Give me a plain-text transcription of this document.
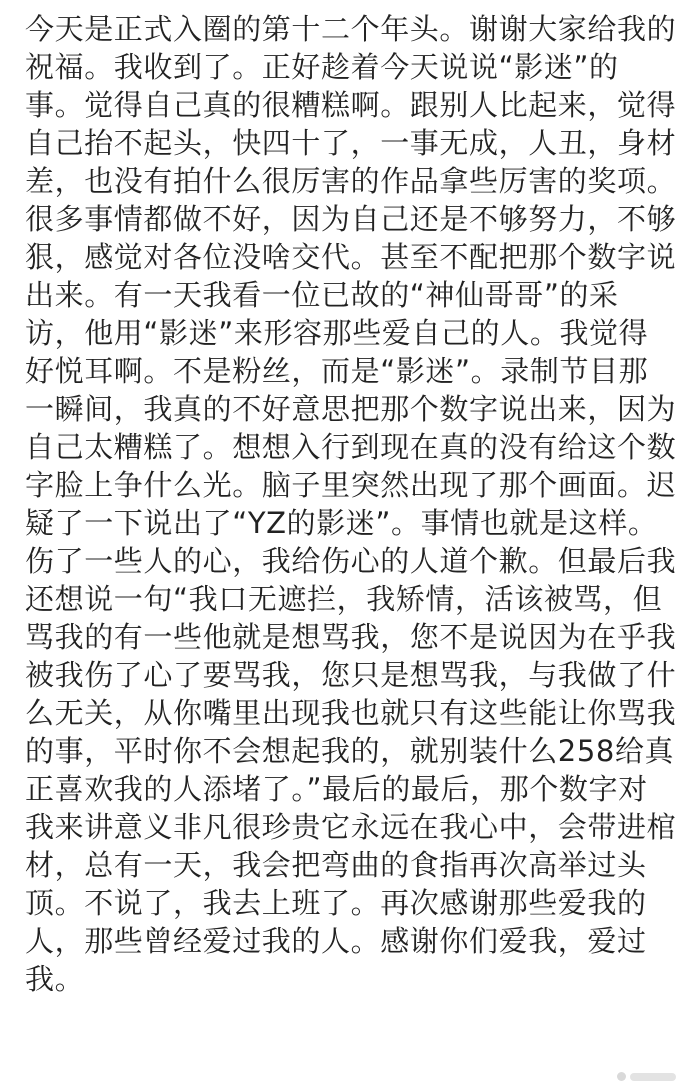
今天是正式入圈的第十二个年头。谢谢大家给我的
祝福。我收到了。正好趁着今天说说“影迷”的
事。觉得自己真的很糟糕啊。跟别人比起来，觉得
自己抬不起头，快四十了，一事无成，人丑，身材
差，也没有拍什么很厉害的作品拿些厉害的奖项。
很多事情都做不好，因为自己还是不够努力，不够
狠，感觉对各位没啥交代。甚至不配把那个数字说
出来。有一天我看一位已故的“神仙哥哥”的采
访，他用“影迷”来形容那些爱自己的人。我觉得
好悦耳啊。不是粉丝，而是“影迷”。录制节目那
一瞬间，我真的不好意思把那个数字说出来，因为
自己太糟糕了。想想入行到现在真的没有给这个数
字脸上争什么光。脑子里突然出现了那个画面。迟
疑了一下说出了“YZ的影迷”。事情也就是这样。
伤了一些人的心，我给伤心的人道个歉。但最后我
还想说一句“我口无遮拦，我矫情，活该被骂，但
骂我的有一些他就是想骂我，您不是说因为在乎我
被我伤了心了要骂我，您只是想骂我，与我做了什
么无关，从你嘴里出现我也就只有这些能让你骂我
的事，平时你不会想起我的，就别装什么258给真
正喜欢我的人添堵了。”最后的最后，那个数字对
我来讲意义非凡很珍贵它永远在我心中，会带进棺
材，总有一天，我会把弯曲的食指再次高举过头
顶。不说了，我去上班了。再次感谢那些爱我的
人，那些曾经爱过我的人。感谢你们爱我，爱过
我。
